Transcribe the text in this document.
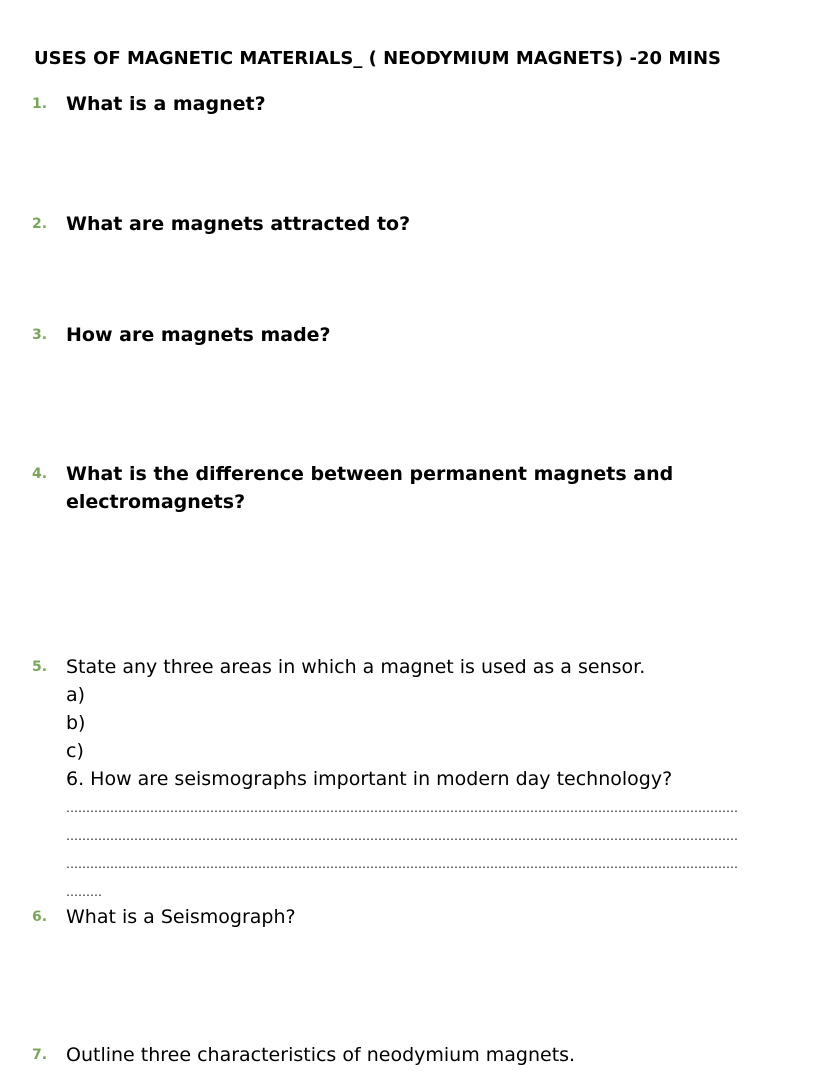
USES OF MAGNETIC MATERIALS_ ( NEODYMIUM MAGNETS) -20 MINS
1. What is a magnet?
2. What are magnets attracted to?
3. How are magnets made?
4. What is the difference between permanent magnets and electromagnets?
5. State any three areas in which a magnet is used as a sensor.
a)
b)
c)
6. How are seismographs important in modern day technology?
……………………………………………………………………………………………………………………………………………………
……………………………………………………………………………………………………………………………………………………
……………………………………………………………………………………………………………………………………………………
………
6. What is a Seismograph?
7. Outline three characteristics of neodymium magnets.
